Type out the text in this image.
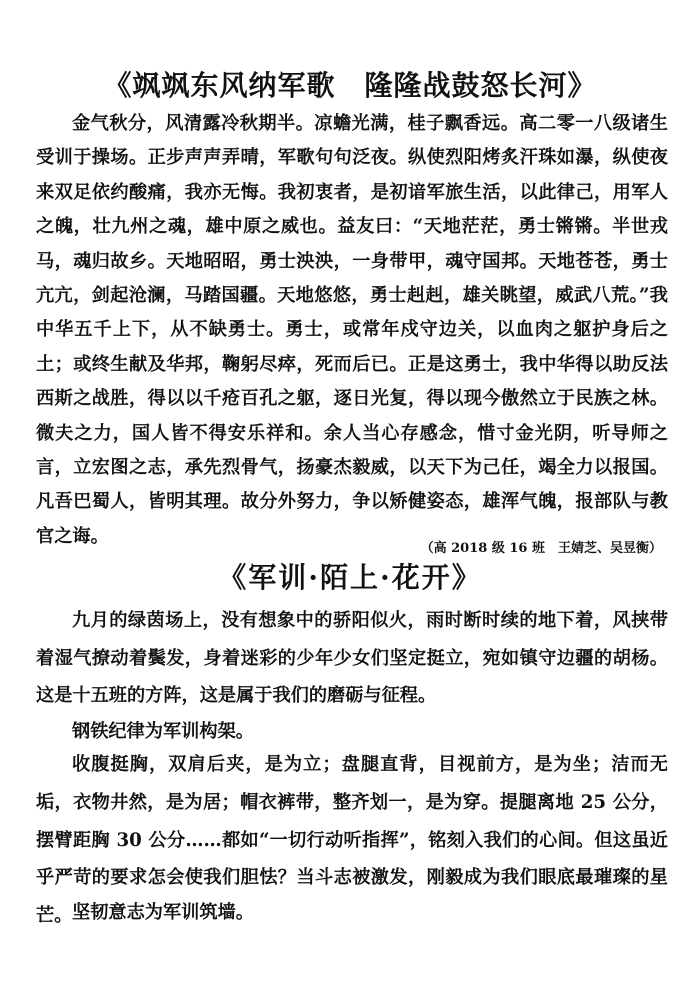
《飒飒东风纳军歌　隆隆战鼓怒长河》

金气秋分，风清露冷秋期半。凉蟾光满，桂子飘香远。高二零一八级诸生受训于操场。正步声声弄晴，军歌句句泛夜。纵使烈阳烤炙汗珠如瀑，纵使夜来双足依约酸痛，我亦无悔。我初衷者，是初谙军旅生活，以此律己，用军人之魄，壮九州之魂，雄中原之威也。益友曰：“天地茫茫，勇士锵锵。半世戎马，魂归故乡。天地昭昭，勇士泱泱，一身带甲，魂守国邦。天地苍苍，勇士亢亢，剑起沧澜，马踏国疆。天地悠悠，勇士赳赳，雄关眺望，威武八荒。”我中华五千上下，从不缺勇士。勇士，或常年戍守边关，以血肉之躯护身后之土；或终生献及华邦，鞠躬尽瘁，死而后已。正是这勇士，我中华得以助反法西斯之战胜，得以以千疮百孔之躯，逐日光复，得以现今傲然立于民族之林。微夫之力，国人皆不得安乐祥和。余人当心存感念，惜寸金光阴，听导师之言，立宏图之志，承先烈骨气，扬豪杰毅威，以天下为己任，竭全力以报国。凡吾巴蜀人，皆明其理。故分外努力，争以矫健姿态，雄浑气魄，报部队与教官之诲。

（高 2018 级 16 班　王婧芝、吴昱衡）
《军训·陌上·花开》

九月的绿茵场上，没有想象中的骄阳似火，雨时断时续的地下着，风挟带着湿气撩动着鬓发，身着迷彩的少年少女们坚定挺立，宛如镇守边疆的胡杨。这是十五班的方阵，这是属于我们的磨砺与征程。

钢铁纪律为军训构架。

收腹挺胸，双肩后夹，是为立；盘腿直背，目视前方，是为坐；洁而无垢，衣物井然，是为居；帽衣裤带，整齐划一，是为穿。提腿离地 25 公分，摆臂距胸 30 公分……都如“一切行动听指挥”，铭刻入我们的心间。但这虽近乎严苛的要求怎会使我们胆怯？当斗志被激发，刚毅成为我们眼底最璀璨的星芒。 坚韧意志为军训筑墙。
